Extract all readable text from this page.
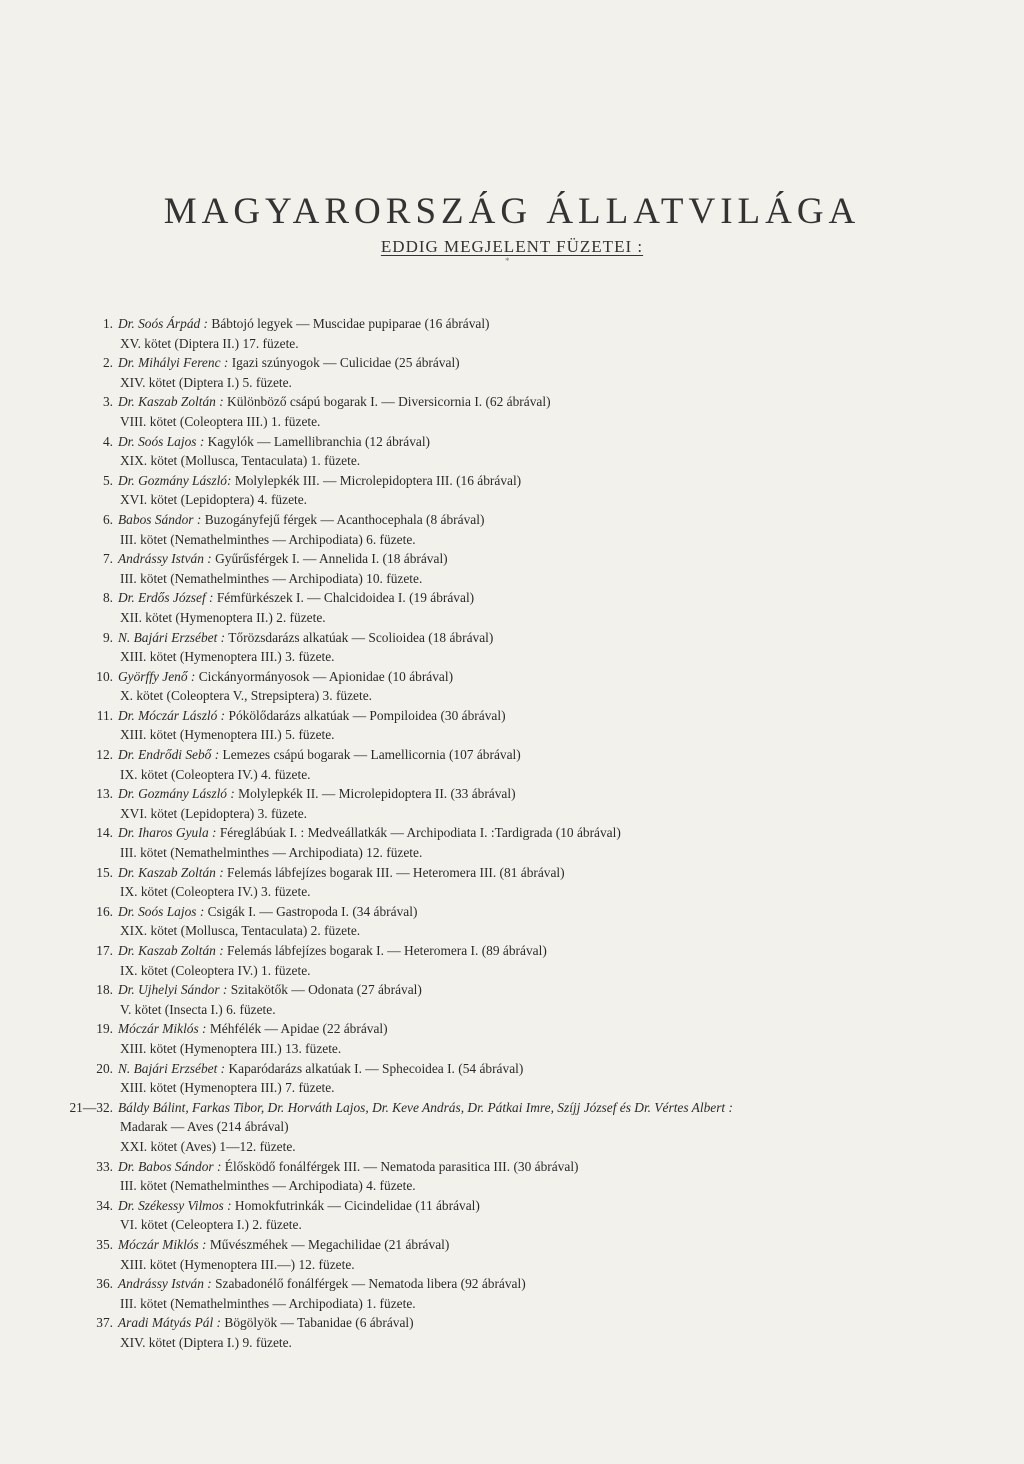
MAGYARORSZÁG ÁLLATVILÁGA
EDDIG MEGJELENT FÜZETEI :
*
1. Dr. Soós Árpád : Bábtojó legyek — Muscidae pupiparae (16 ábrával)
XV. kötet (Diptera II.) 17. füzete.
2. Dr. Mihályi Ferenc : Igazi szúnyogok — Culicidae (25 ábrával)
XIV. kötet (Diptera I.) 5. füzete.
3. Dr. Kaszab Zoltán : Különböző csápú bogarak I. — Diversicornia I. (62 ábrával)
VIII. kötet (Coleoptera III.) 1. füzete.
4. Dr. Soós Lajos : Kagylók — Lamellibranchia (12 ábrával)
XIX. kötet (Mollusca, Tentaculata) 1. füzete.
5. Dr. Gozmány László: Molylepkék III. — Microlepidoptera III. (16 ábrával)
XVI. kötet (Lepidoptera) 4. füzete.
6. Babos Sándor : Buzogányfejű férgek — Acanthocephala (8 ábrával)
III. kötet (Nemathelminthes — Archipodiata) 6. füzete.
7. Andrássy István : Gyűrűsférgek I. — Annelida I. (18 ábrával)
III. kötet (Nemathelminthes — Archipodiata) 10. füzete.
8. Dr. Erdős József : Fémfürkészek I. — Chalcidoidea I. (19 ábrával)
XII. kötet (Hymenoptera II.) 2. füzete.
9. N. Bajári Erzsébet : Tőrözsdarázs alkatúak — Scolioidea (18 ábrával)
XIII. kötet (Hymenoptera III.) 3. füzete.
10. Györffy Jenő : Cickányormányosok — Apionidae (10 ábrával)
X. kötet (Coleoptera V., Strepsiptera) 3. füzete.
11. Dr. Móczár László : Pókölődarázs alkatúak — Pompiloidea (30 ábrával)
XIII. kötet (Hymenoptera III.) 5. füzete.
12. Dr. Endrődi Sebő : Lemezes csápú bogarak — Lamellicornia (107 ábrával)
IX. kötet (Coleoptera IV.) 4. füzete.
13. Dr. Gozmány László : Molylepkék II. — Microlepidoptera II. (33 ábrával)
XVI. kötet (Lepidoptera) 3. füzete.
14. Dr. Iharos Gyula : Féreglábúak I. : Medveállatkák — Archipodiata I. :Tardigrada (10 ábrával)
III. kötet (Nemathelminthes — Archipodiata) 12. füzete.
15. Dr. Kaszab Zoltán : Felemás lábfejízes bogarak III. — Heteromera III. (81 ábrával)
IX. kötet (Coleoptera IV.) 3. füzete.
16. Dr. Soós Lajos : Csigák I. — Gastropoda I. (34 ábrával)
XIX. kötet (Mollusca, Tentaculata) 2. füzete.
17. Dr. Kaszab Zoltán : Felemás lábfejízes bogarak I. — Heteromera I. (89 ábrával)
IX. kötet (Coleoptera IV.) 1. füzete.
18. Dr. Ujhelyi Sándor : Szitakötők — Odonata (27 ábrával)
V. kötet (Insecta I.) 6. füzete.
19. Móczár Miklós : Méhfélék — Apidae (22 ábrával)
XIII. kötet (Hymenoptera III.) 13. füzete.
20. N. Bajári Erzsébet : Kaparódarázs alkatúak I. — Sphecoidea I. (54 ábrával)
XIII. kötet (Hymenoptera III.) 7. füzete.
21—32. Báldy Bálint, Farkas Tibor, Dr. Horváth Lajos, Dr. Keve András, Dr. Pátkai Imre, Szíjj József és Dr. Vértes Albert :
Madarak — Aves (214 ábrával)
XXI. kötet (Aves) 1—12. füzete.
33. Dr. Babos Sándor : Élősködő fonálférgek III. — Nematoda parasitica III. (30 ábrával)
III. kötet (Nemathelminthes — Archipodiata) 4. füzete.
34. Dr. Székessy Vilmos : Homokfutrinkák — Cicindelidae (11 ábrával)
VI. kötet (Celeoptera I.) 2. füzete.
35. Móczár Miklós : Művészméhek — Megachilidae (21 ábrával)
XIII. kötet (Hymenoptera III.—) 12. füzete.
36. Andrássy István : Szabadonélő fonálférgek — Nematoda libera (92 ábrával)
III. kötet (Nemathelminthes — Archipodiata) 1. füzete.
37. Aradi Mátyás Pál : Bögölyök — Tabanidae (6 ábrával)
XIV. kötet (Diptera I.) 9. füzete.
